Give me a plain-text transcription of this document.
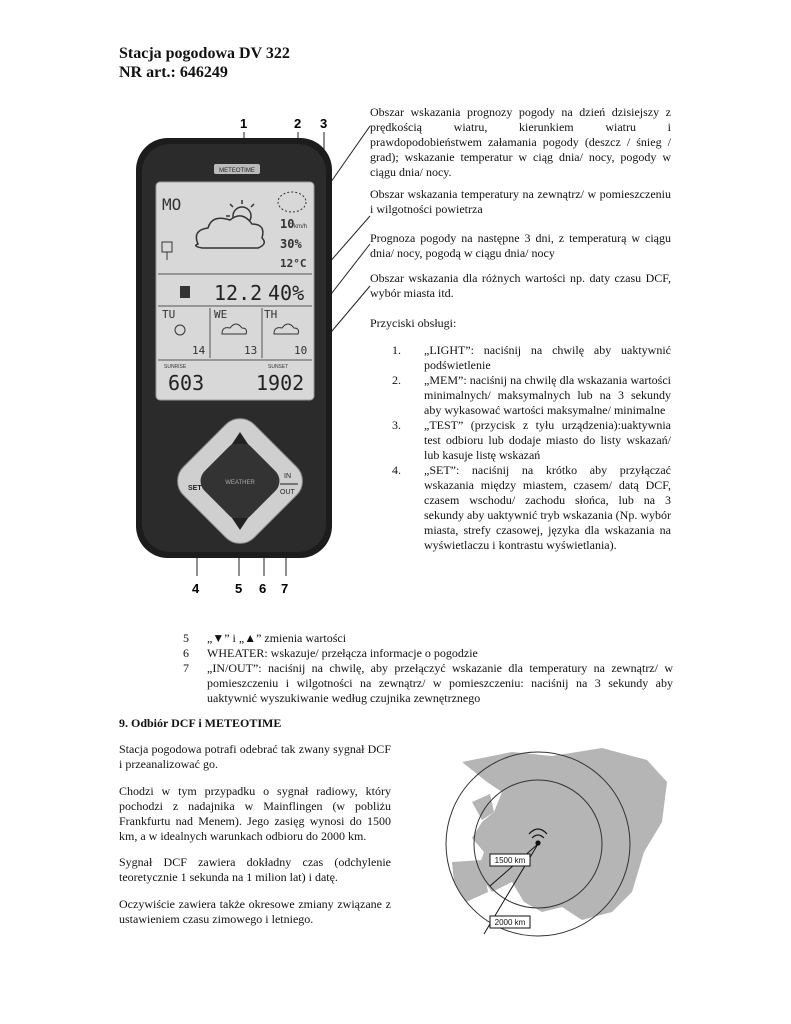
Stacja pogodowa DV 322
NR art.: 646249
1	2 3
4	5 6 7
METEOTIME
MO
10 km/h
30%
12°C
12.2 40%
TU	WE	TH
14	13	10
SUNRISE	SUNSET
603	1902
SET
WEATHER
IN
OUT
Obszar wskazania prognozy pogody na dzień dzisiejszy z prędkością wiatru, kierunkiem wiatru i prawdopodobieństwem załamania pogody (deszcz / śnieg / grad); wskazanie temperatur w ciąg dnia/ nocy, pogody w ciągu dnia/ nocy.
Obszar wskazania temperatury na zewnątrz/ w pomieszczeniu i wilgotności powietrza
Prognoza pogody na następne 3 dni, z temperaturą w ciągu dnia/ nocy, pogodą w ciągu dnia/ nocy
Obszar wskazania dla różnych wartości np. daty czasu DCF, wybór miasta itd.
Przyciski obsługi:
1.	„LIGHT”: naciśnij na chwilę aby uaktywnić podświetlenie
2.	„MEM”: naciśnij na chwilę dla wskazania wartości minimalnych/ maksymalnych lub na 3 sekundy aby wykasować wartości maksymalne/ minimalne
3.	„TEST” (przycisk z tyłu urządzenia):uaktywnia test odbioru lub dodaje miasto do listy wskazań/ lub kasuje listę wskazań
4.	„SET”: naciśnij na krótko aby przyłączać wskazania między miastem, czasem/ datą DCF, czasem wschodu/ zachodu słońca, lub na 3 sekundy aby uaktywnić tryb wskazania (Np. wybór miasta, strefy czasowej, języka dla wskazania na wyświetlaczu i kontrastu wyświetlania).
5	„▼” i „▲” zmienia wartości
6	WHEATER: wskazuje/ przełącza informacje o pogodzie
7	„IN/OUT”: naciśnij na chwilę, aby przełączyć wskazanie dla temperatury na zewnątrz/ w pomieszczeniu i wilgotności na zewnątrz/ w pomieszczeniu: naciśnij na 3 sekundy aby uaktywnić wyszukiwanie według czujnika zewnętrznego
9. Odbiór DCF i METEOTIME
Stacja pogodowa potrafi odebrać tak zwany sygnał DCF i przeanalizować go.
Chodzi w tym przypadku o sygnał radiowy, który pochodzi z nadajnika w Mainflingen (w pobliżu Frankfurtu nad Menem). Jego zasięg wynosi do 1500 km, a w idealnych warunkach odbioru do 2000 km.
Sygnał DCF zawiera dokładny czas (odchylenie teoretycznie 1 sekunda na 1 milion lat) i datę.
Oczywiście zawiera także okresowe zmiany związane z ustawieniem czasu zimowego i letniego.
1500 km
2000 km
